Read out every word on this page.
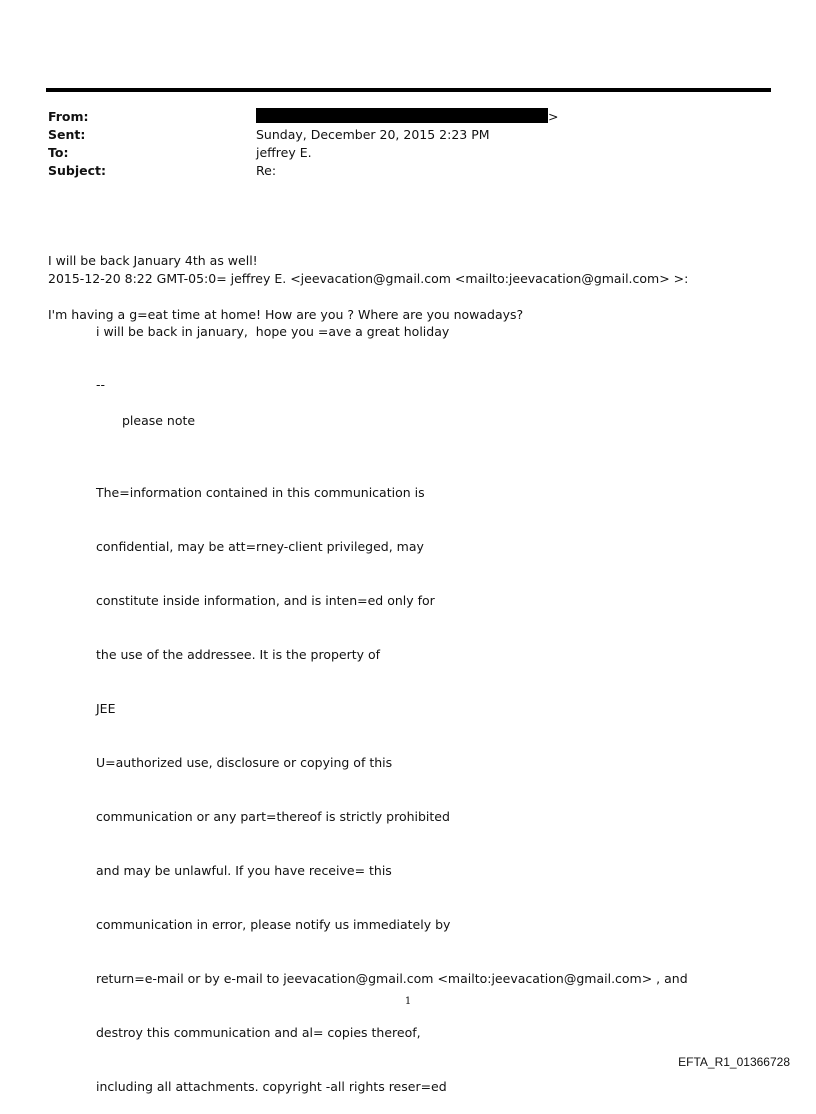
From:	>
Sent:	Sunday, December 20, 2015 2:23 PM
To:	jeffrey E.
Subject:	Re:

I will be back January 4th as well!

I'm having a g=eat time at home! How are you ? Where are you nowadays?

2015-12-20 8:22 GMT-05:0= jeffrey E. <jeevacation@gmail.com <mailto:jeevacation@gmail.com> >:
i will be back in january,  hope you =ave a great holiday
--
please note

The=information contained in this communication is

confidential, may be att=rney-client privileged, may

constitute inside information, and is inten=ed only for

the use of the addressee. It is the property of

JEE

U=authorized use, disclosure or copying of this

communication or any part=thereof is strictly prohibited

and may be unlawful. If you have receive= this

communication in error, please notify us immediately by

return=e-mail or by e-mail to jeevacation@gmail.com <mailto:jeevacation@gmail.com> , and

destroy this communication and al= copies thereof,

including all attachments. copyright -all rights reser=ed

1
EFTA_R1_01366728
